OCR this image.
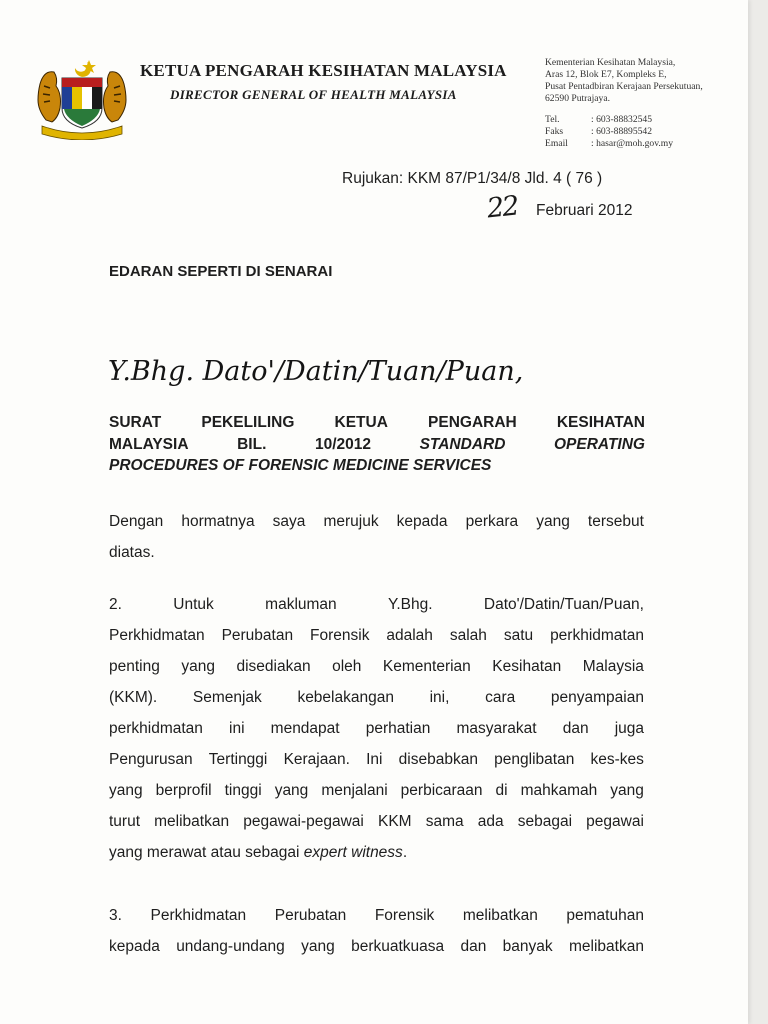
KETUA PENGARAH KESIHATAN MALAYSIA
DIRECTOR GENERAL OF HEALTH MALAYSIA
Kementerian Kesihatan Malaysia,
Aras 12, Blok E7, Kompleks E,
Pusat Pentadbiran Kerajaan Persekutuan,
62590 Putrajaya.
Tel.	: 603-88832545
Faks	: 603-88895542
Email	: hasar@moh.gov.my
Rujukan: KKM 87/P1/34/8 Jld. 4 ( 76 )
22 Februari 2012
EDARAN SEPERTI DI SENARAI
Y.Bhg. Dato'/Datin/Tuan/Puan,
SURAT	PEKELILING	KETUA	PENGARAH	KESIHATAN
MALAYSIA	BIL.	10/2012	STANDARD	OPERATING
PROCEDURES OF FORENSIC MEDICINE SERVICES
Dengan hormatnya saya merujuk kepada perkara yang tersebut
diatas.
2.	Untuk	makluman	Y.Bhg.	Dato'/Datin/Tuan/Puan,
Perkhidmatan Perubatan Forensik adalah salah satu perkhidmatan
penting yang disediakan oleh Kementerian Kesihatan Malaysia
(KKM). Semenjak kebelakangan ini, cara penyampaian
perkhidmatan ini mendapat perhatian masyarakat dan juga
Pengurusan Tertinggi Kerajaan. Ini disebabkan penglibatan kes-kes
yang berprofil tinggi yang menjalani perbicaraan di mahkamah yang
turut melibatkan pegawai-pegawai KKM sama ada sebagai pegawai
yang merawat atau sebagai expert witness .
3. Perkhidmatan Perubatan Forensik melibatkan pematuhan
kepada undang-undang yang berkuatkuasa dan banyak melibatkan
